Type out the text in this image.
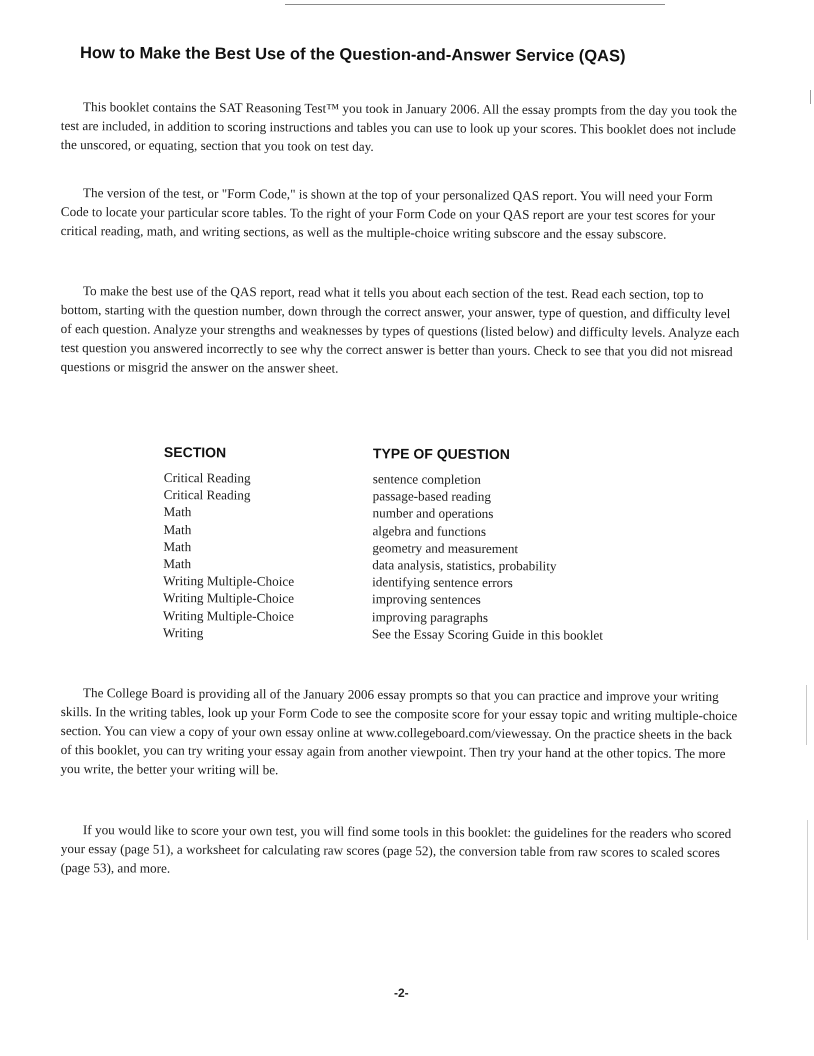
How to Make the Best Use of the Question-and-Answer Service (QAS)

This booklet contains the SAT Reasoning Test™ you took in January 2006. All the essay prompts from the day you took the test are included, in addition to scoring instructions and tables you can use to look up your scores. This booklet does not include the unscored, or equating, section that you took on test day.

The version of the test, or "Form Code," is shown at the top of your personalized QAS report. You will need your Form Code to locate your particular score tables. To the right of your Form Code on your QAS report are your test scores for your critical reading, math, and writing sections, as well as the multiple-choice writing subscore and the essay subscore.

To make the best use of the QAS report, read what it tells you about each section of the test. Read each section, top to bottom, starting with the question number, down through the correct answer, your answer, type of question, and difficulty level of each question. Analyze your strengths and weaknesses by types of questions (listed below) and difficulty levels. Analyze each test question you answered incorrectly to see why the correct answer is better than yours. Check to see that you did not misread questions or misgrid the answer on the answer sheet.

SECTION	TYPE OF QUESTION
Critical Reading	sentence completion
Critical Reading	passage-based reading
Math	number and operations
Math	algebra and functions
Math	geometry and measurement
Math	data analysis, statistics, probability
Writing Multiple-Choice	identifying sentence errors
Writing Multiple-Choice	improving sentences
Writing Multiple-Choice	improving paragraphs
Writing	See the Essay Scoring Guide in this booklet

The College Board is providing all of the January 2006 essay prompts so that you can practice and improve your writing skills. In the writing tables, look up your Form Code to see the composite score for your essay topic and writing multiple-choice section. You can view a copy of your own essay online at www.collegeboard.com/viewessay. On the practice sheets in the back of this booklet, you can try writing your essay again from another viewpoint. Then try your hand at the other topics. The more you write, the better your writing will be.

If you would like to score your own test, you will find some tools in this booklet: the guidelines for the readers who scored your essay (page 51), a worksheet for calculating raw scores (page 52), the conversion table from raw scores to scaled scores (page 53), and more.

-2-
